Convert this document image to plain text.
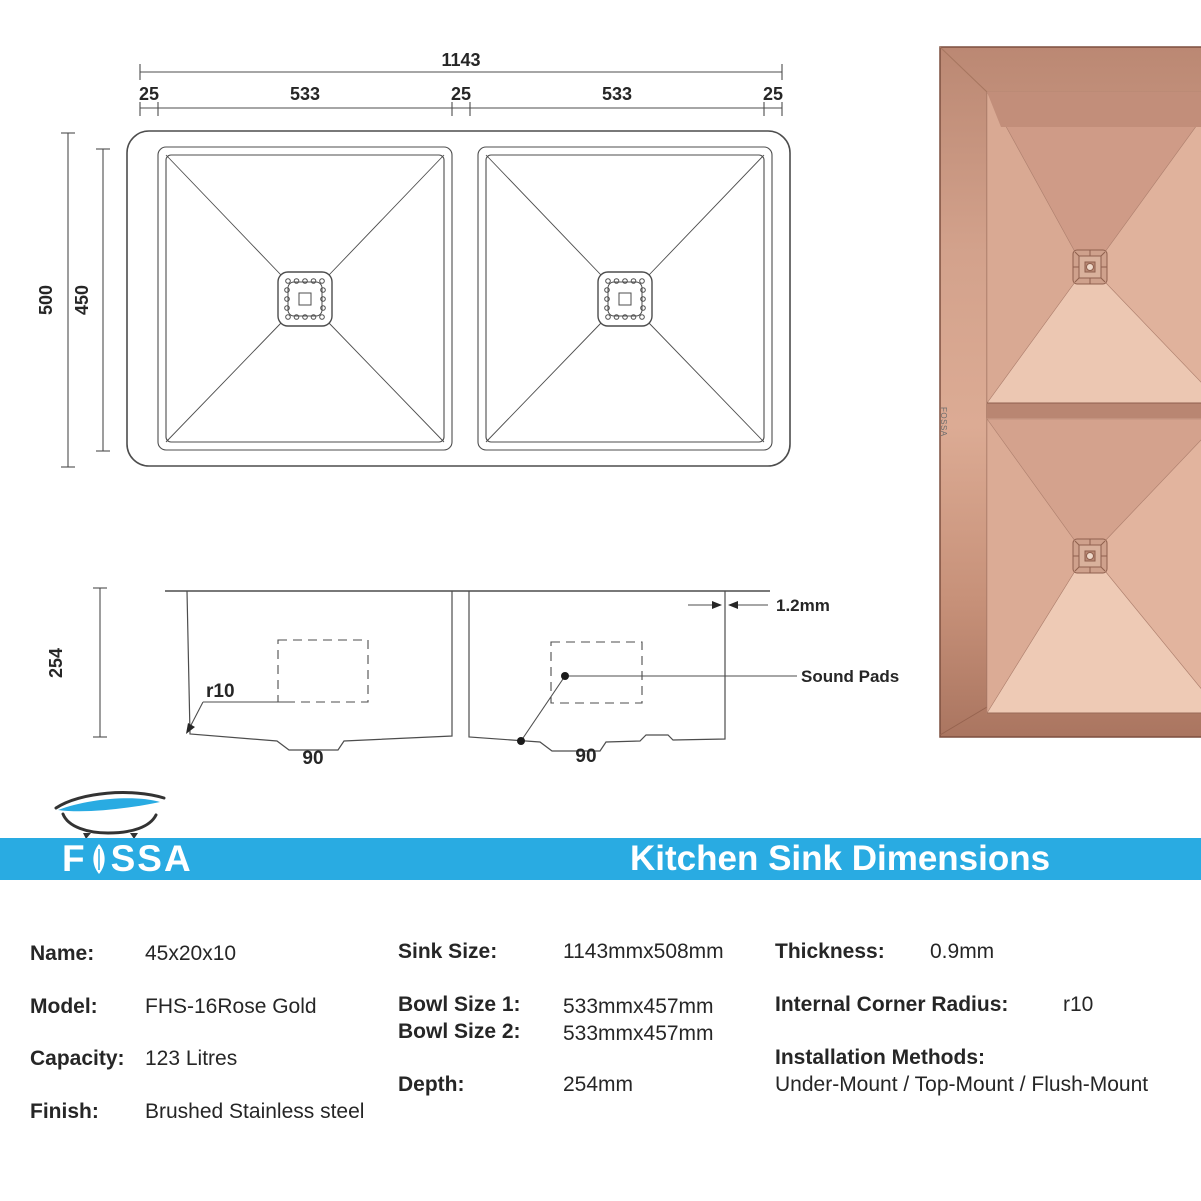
1143
25	533	25	533	25
500 450
254
r10
90	90
1.2mm
Sound Pads
F SSA	Kitchen Sink Dimensions
Name: 45x20x10
Model: FHS-16Rose Gold
Capacity: 123 Litres
Finish: Brushed Stainless steel
Sink Size:	1143mmx508mm
Bowl Size 1: 533mmx457mm
Bowl Size 2: 533mmx457mm
Depth:	254mm
Thickness: 0.9mm
Internal Corner Radius:	r10
Installation Methods:
Under-Mount / Top-Mount / Flush-Mount
